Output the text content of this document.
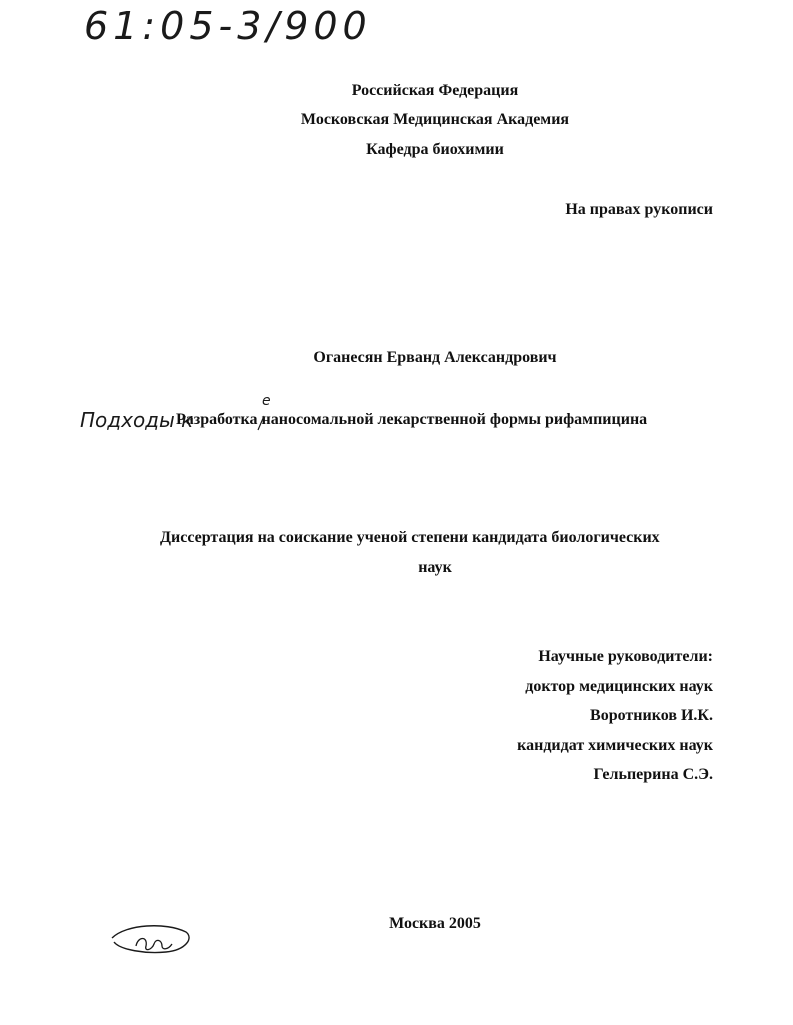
61:05-3/900
Российская Федерация
Московская Медицинская Академия
Кафедра биохимии
На правах рукописи
Оганесян Ерванд Александрович
Подходы к
Разработка наносомальной лекарственной формы рифампицина
е
Диссертация на соискание ученой степени кандидата биологических
наук
Научные руководители:
доктор медицинских наук
Воротников И.К.
кандидат химических наук
Гельперина С.Э.
Москва 2005
